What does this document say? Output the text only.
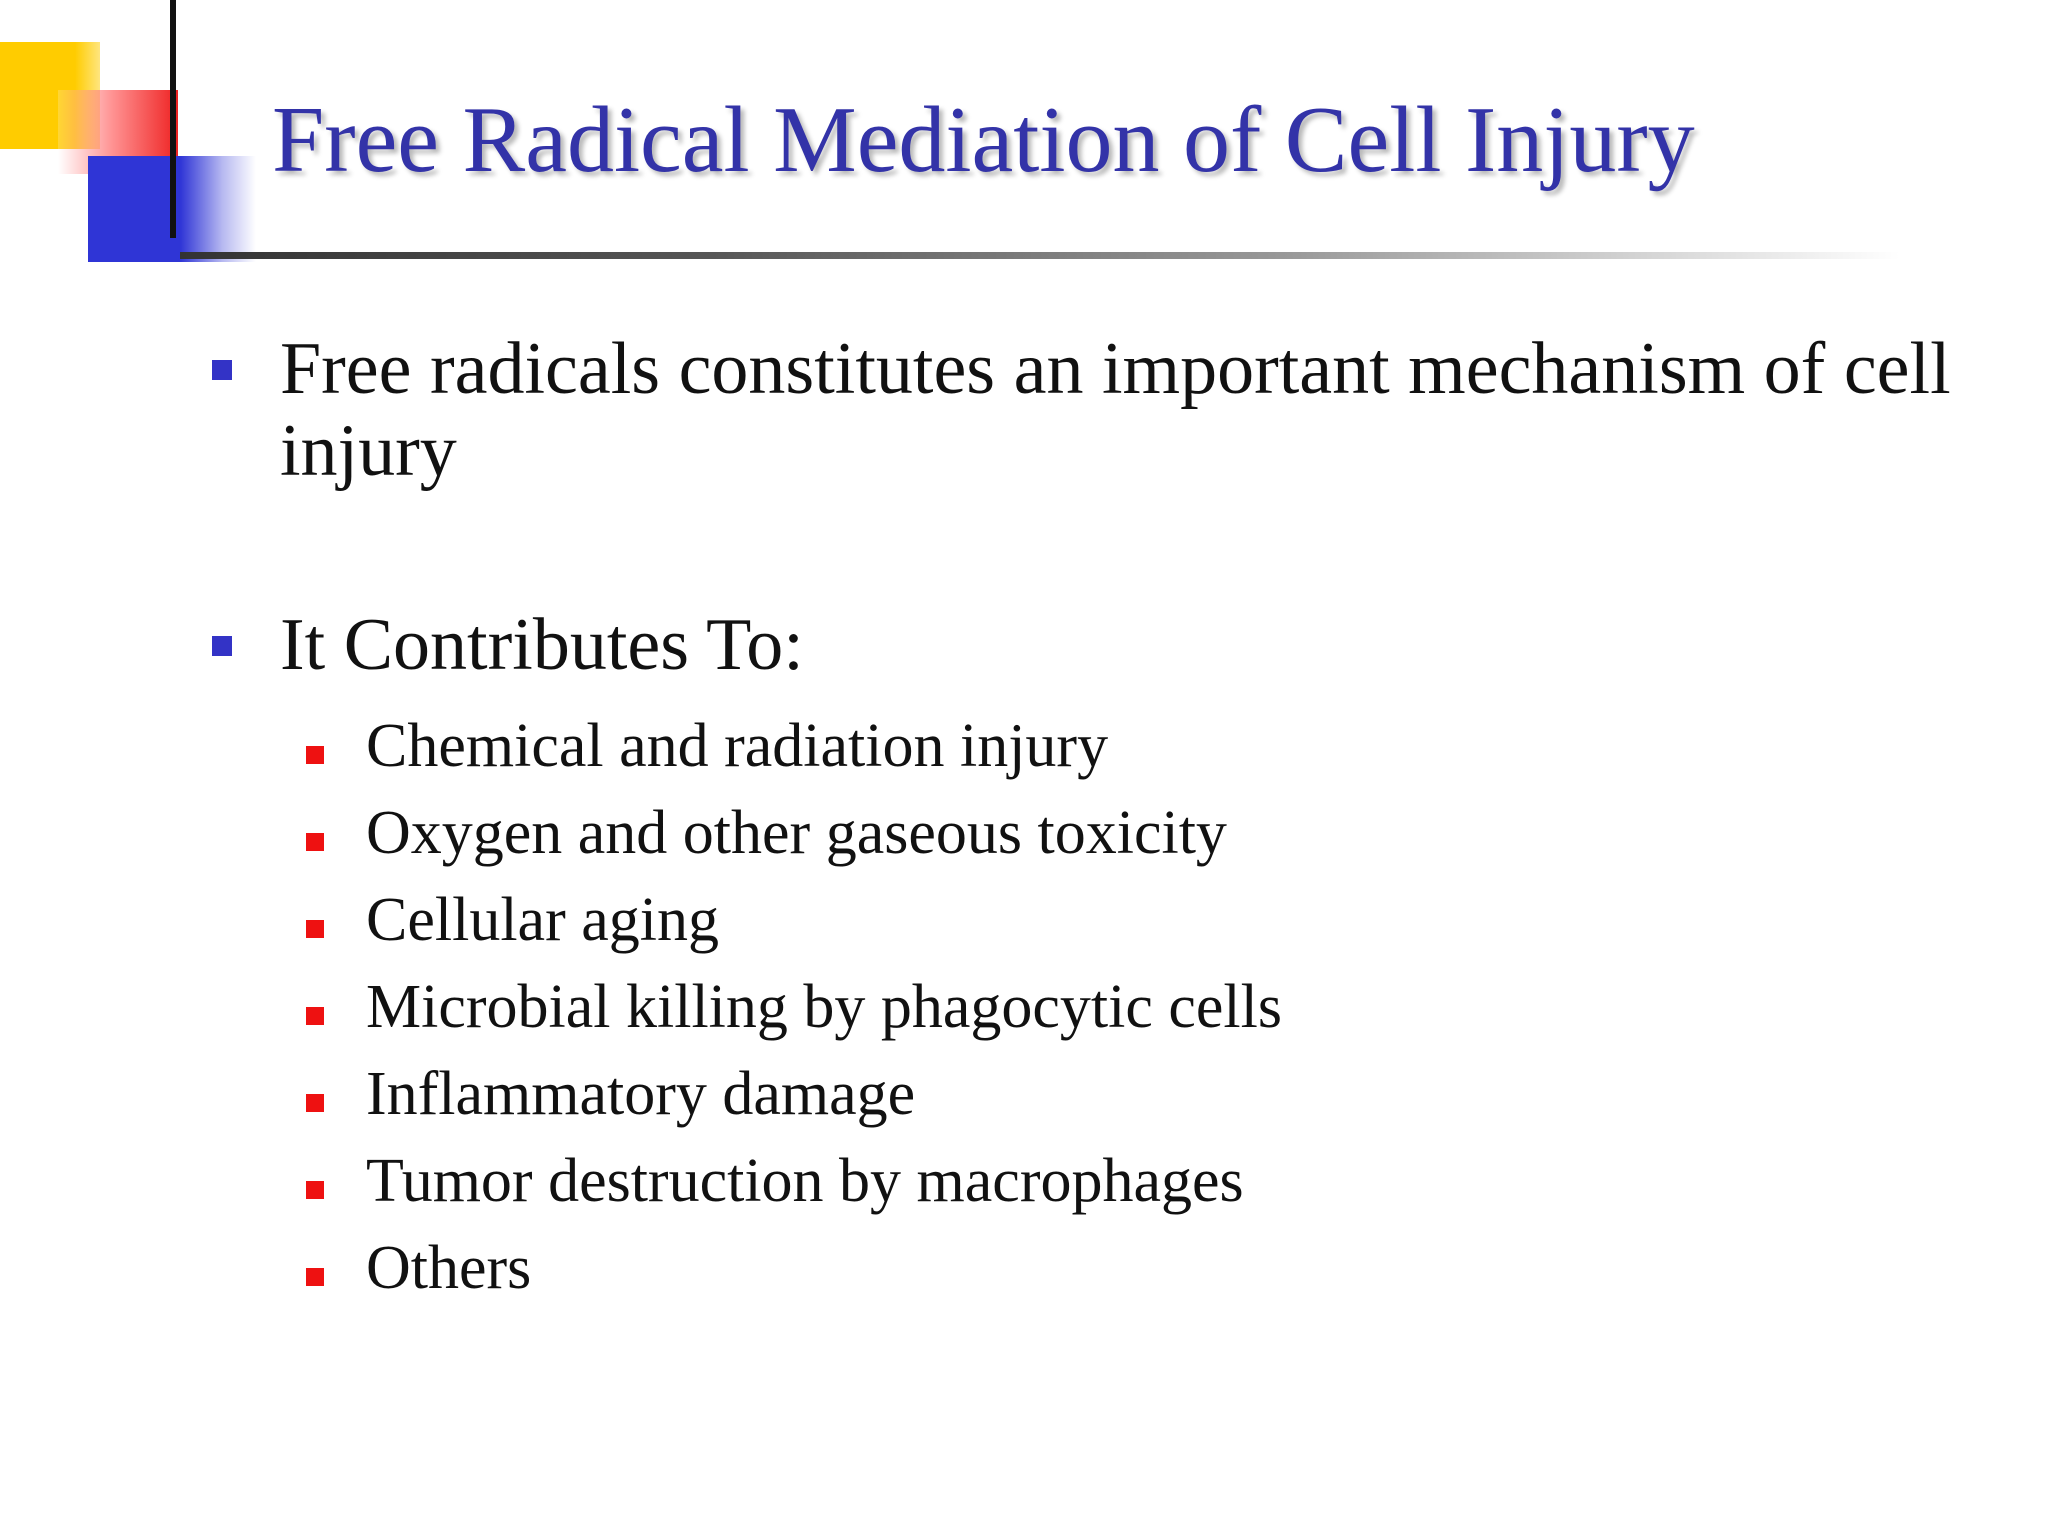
Free Radical Mediation of Cell Injury
Free radicals constitutes an important mechanism of cell injury
It Contributes To:
Chemical and radiation injury
Oxygen and other gaseous toxicity
Cellular aging
Microbial killing by phagocytic cells
Inflammatory damage
Tumor destruction by macrophages
Others
